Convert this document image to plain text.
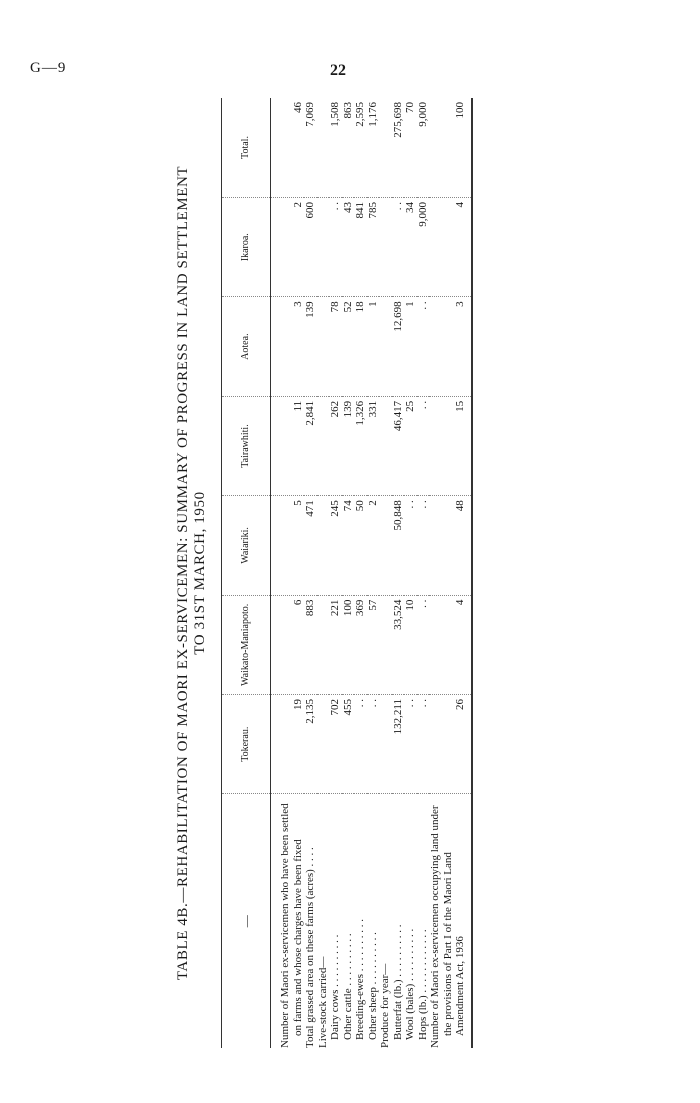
G—9	22
TABLE 4B.—REHABILITATION OF MAORI EX-SERVICEMEN: SUMMARY OF PROGRESS IN LAND SETTLEMENT TO 31ST MARCH, 1950
—	Tokerau.	Waikato-Maniapoto.	Waiariki.	Tairawhiti.	Aotea.	Ikaroa.	Total.
Number of Maori ex-servicemen who have been settled on farms and whose charges have been fixed	19	6	5	11	3	2	46
Total grassed area on these farms (acres) . . . .	2,135	883	471	2,841	139	600	7,069
Live-stock carried—							
Dairy cows . . . . . . . . . .	702	221	245	262	78	. .	1,508
Other cattle . . . . . . . . . .	455	100	74	139	52	43	863
Breeding-ewes . . . . . . . . . .	. .	369	50	1,326	18	841	2,595
Other sheep . . . . . . . . . .	. .	57	2	331	1	785	1,176
Produce for year—							
Butterfat (lb.) . . . . . . . . . .	132,211	33,524	50,848	46,417	12,698	. .	275,698
Wool (bales) . . . . . . . . . .	. .	10	. .	25	1	34	70
Hops (lb.) . . . . . . . . . . . .	. .	. .	. .	. .	. .	9,000	9,000
Number of Maori ex-servicemen occupying land under the provisions of Part I of the Maori Land Amendment Act, 1936	26	4	48	15	3	4	100
